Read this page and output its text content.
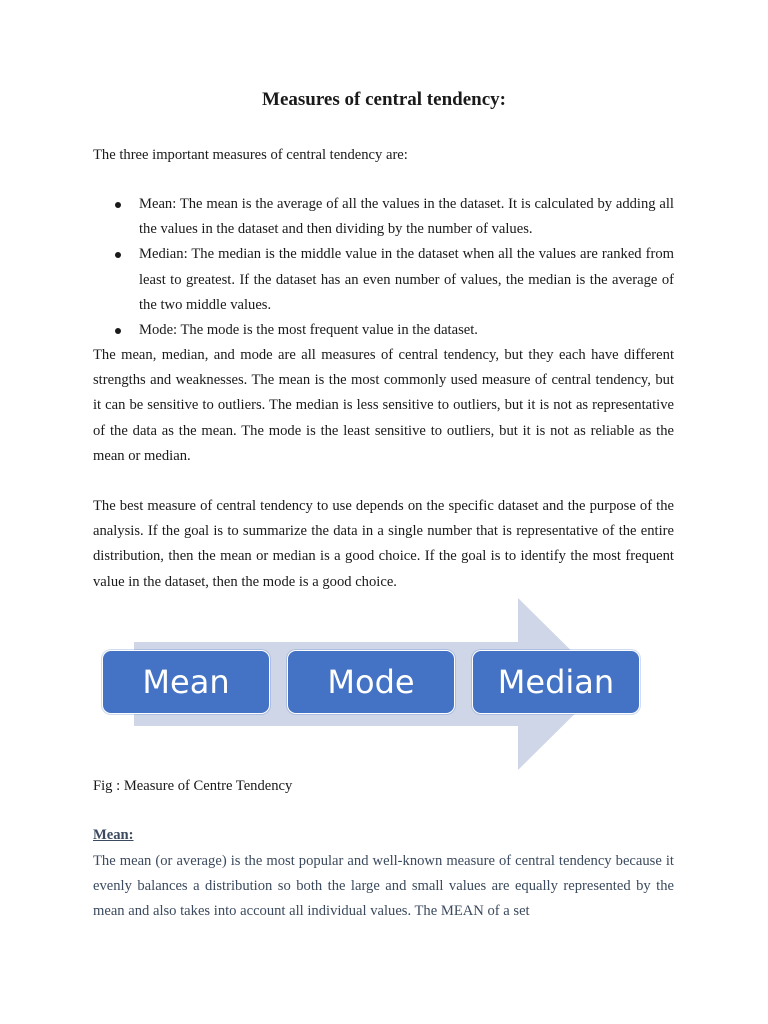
Measures of central tendency:

The three important measures of central tendency are:

Mean: The mean is the average of all the values in the dataset. It is calculated by adding all the values in the dataset and then dividing by the number of values.
Median: The median is the middle value in the dataset when all the values are ranked from least to greatest. If the dataset has an even number of values, the median is the average of the two middle values.
Mode: The mode is the most frequent value in the dataset.

The mean, median, and mode are all measures of central tendency, but they each have different strengths and weaknesses. The mean is the most commonly used measure of central tendency, but it can be sensitive to outliers. The median is less sensitive to outliers, but it is not as representative of the data as the mean. The mode is the least sensitive to outliers, but it is not as reliable as the mean or median.

The best measure of central tendency to use depends on the specific dataset and the purpose of the analysis. If the goal is to summarize the data in a single number that is representative of the entire distribution, then the mean or median is a good choice. If the goal is to identify the most frequent value in the dataset, then the mode is a good choice.

Mean	Mode	Median

Fig : Measure of Centre Tendency

Mean:

The mean (or average) is the most popular and well-known measure of central tendency because it evenly balances a distribution so both the large and small values are equally represented by the mean and also takes into account all individual values. The MEAN of a set
